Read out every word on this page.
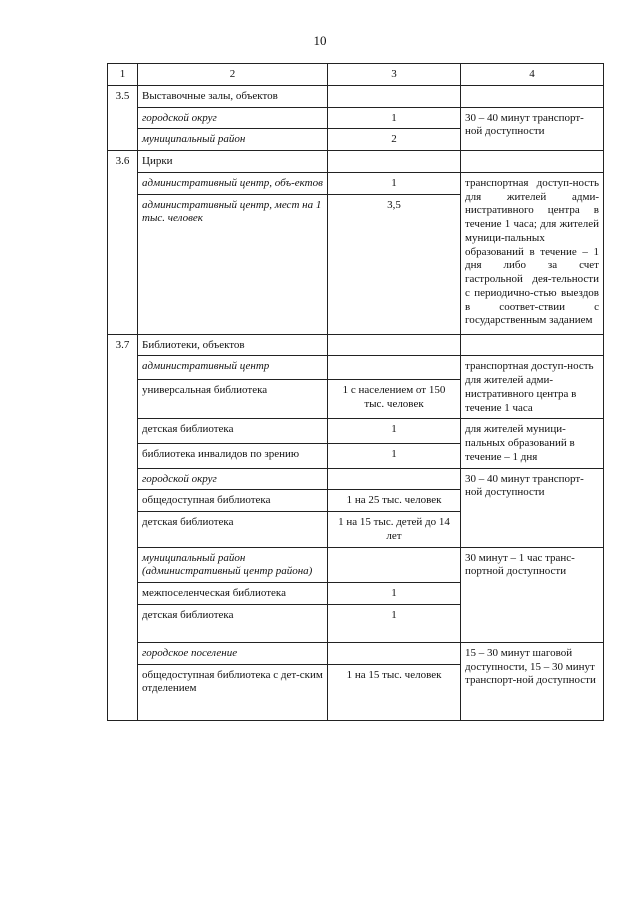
10
1	2	3	4
3.5	Выставочные залы, объектов		
	городской округ	1	30 – 40 минут транспорт-ной доступности
	муниципальный район	2	
3.6	Цирки		
	административный центр, объ-ектов	1	транспортная доступ-ность для жителей адми-нистративного центра в течение 1 часа; для жителей муници-пальных образований в течение – 1 дня либо за счет гастрольной дея-тельности с периодично-стью выездов в соответ-ствии с государственным заданием
	административный центр, мест на 1 тыс. человек	3,5	
3.7	Библиотеки, объектов		
	административный центр		транспортная доступ-ность для жителей адми-нистративного центра в течение 1 часа
	универсальная библиотека	1 с населением от 150 тыс. человек	
	детская библиотека	1	для жителей муници-пальных образований в течение – 1 дня
	библиотека инвалидов по зрению	1	
	городской округ		30 – 40 минут транспорт-ной доступности
	общедоступная библиотека	1 на 25 тыс. человек	
	детская библиотека	1 на 15 тыс. детей до 14 лет	
	муниципальный район (административный центр района)		30 минут – 1 час транс-портной доступности
	межпоселенческая библиотека	1	
	детская библиотека	1	
	городское поселение		15 – 30 минут шаговой доступности, 15 – 30 минут транспорт-ной доступности
	общедоступная библиотека с дет-ским отделением	1 на 15 тыс. человек	
